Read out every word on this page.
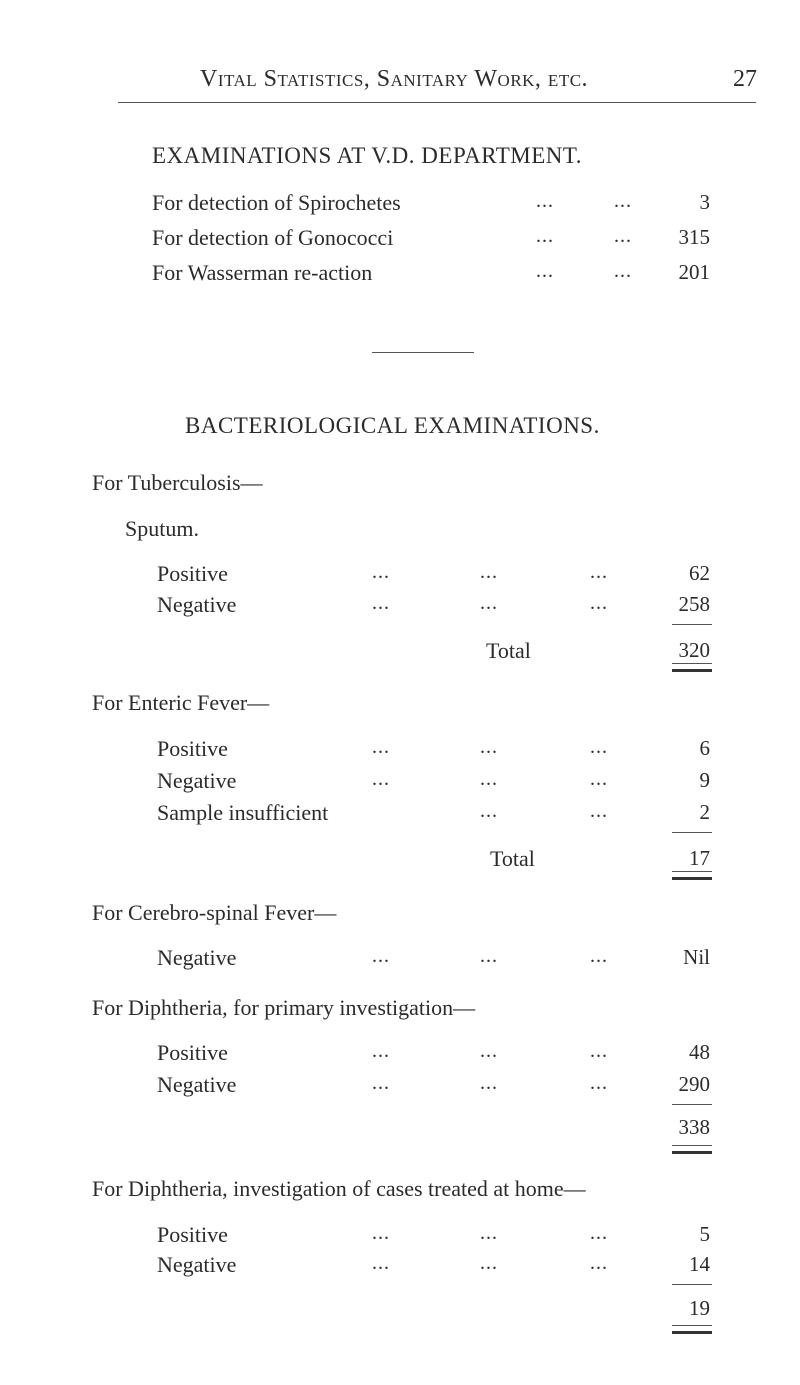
Vital Statistics, Sanitary Work, etc.	27
EXAMINATIONS AT V.D. DEPARTMENT.
For detection of Spirochetes	...	...	3
For detection of Gonococci	...	...	315
For Wasserman re-action	...	...	201
BACTERIOLOGICAL EXAMINATIONS.
For Tuberculosis—
Sputum.
Positive	...	...	...	62
Negative	...	...	...	258
Total	320
For Enteric Fever—
Positive	...	...	...	6
Negative	...	...	...	9
Sample insufficient	...	...	2
Total	17
For Cerebro-spinal Fever—
Negative	...	...	...	Nil
For Diphtheria, for primary investigation—
Positive	...	...	...	48
Negative	...	...	...	290
338
For Diphtheria, investigation of cases treated at home—
Positive	...	...	...	5
Negative	...	...	...	14
19
